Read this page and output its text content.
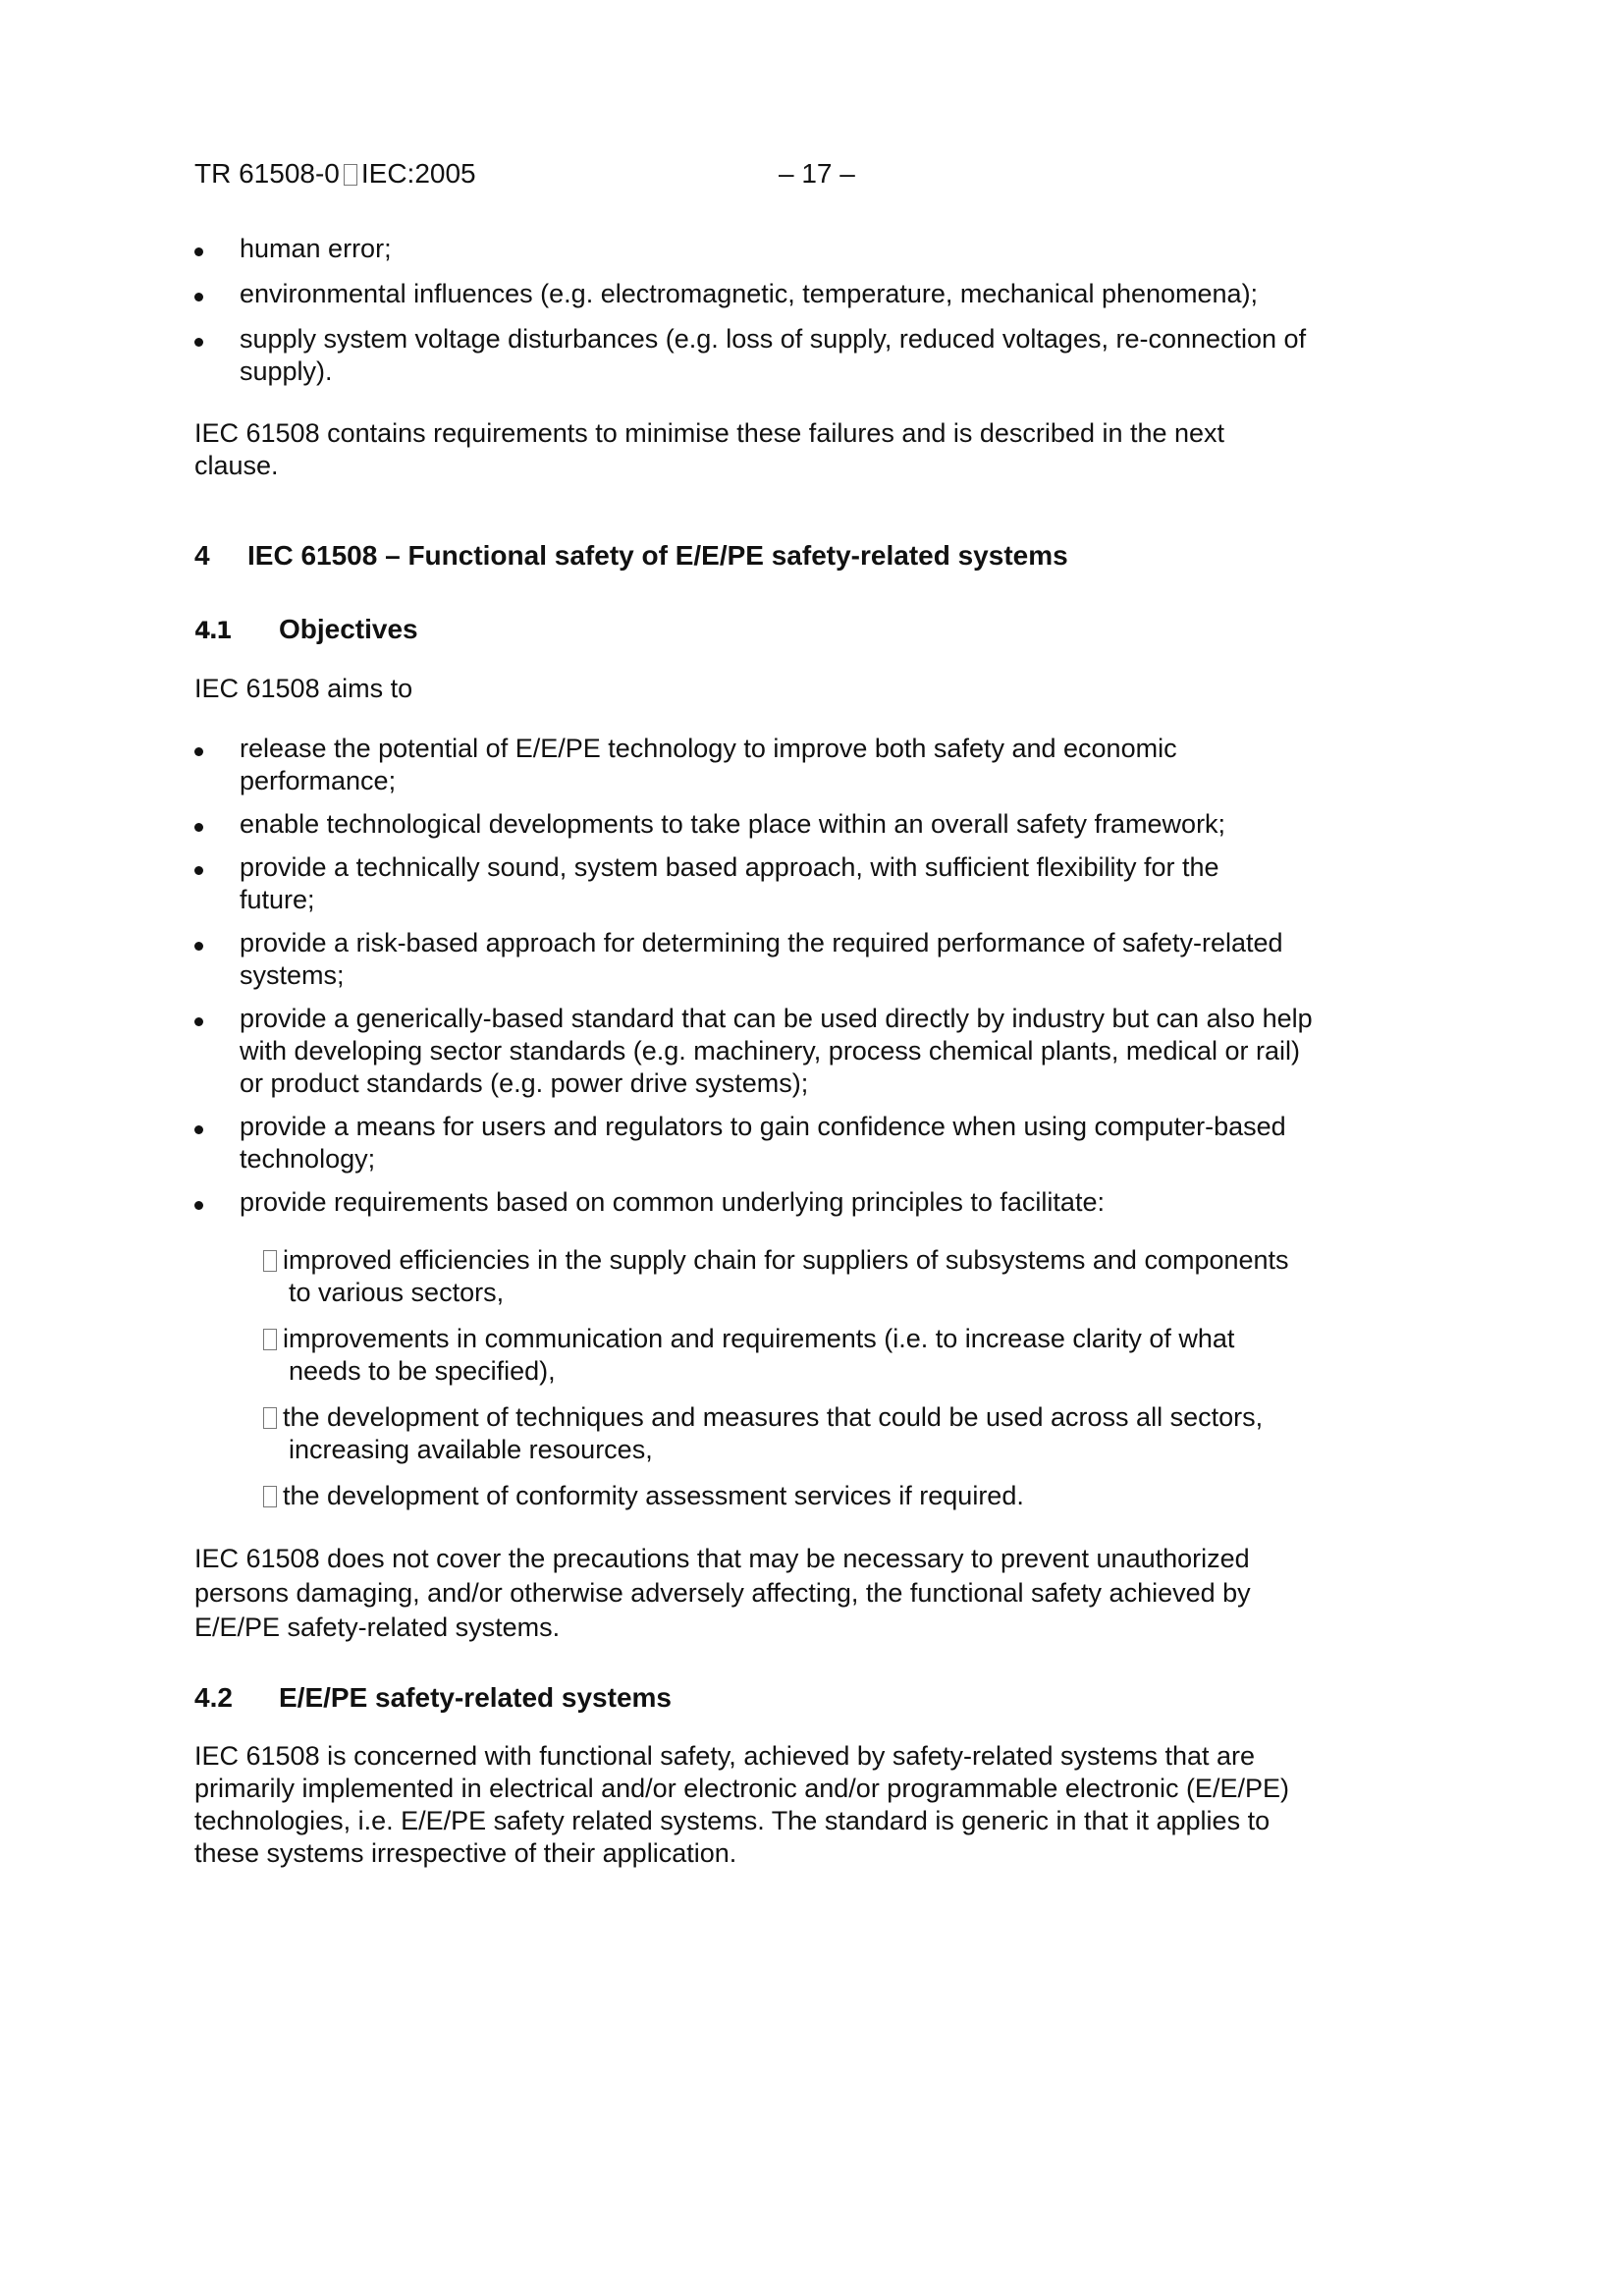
TR 61508-0 IEC:2005	– 17 –
human error;
environmental influences (e.g. electromagnetic, temperature, mechanical phenomena);
supply system voltage disturbances (e.g. loss of supply, reduced voltages, re-connection of supply).

IEC 61508 contains requirements to minimise these failures and is described in the next clause.

4 IEC 61508 – Functional safety of E/E/PE safety-related systems
4.1 Objectives

IEC 61508 aims to

release the potential of E/E/PE technology to improve both safety and economic performance;
enable technological developments to take place within an overall safety framework;
provide a technically sound, system based approach, with sufficient flexibility for the future;
provide a risk-based approach for determining the required performance of safety-related systems;
provide a generically-based standard that can be used directly by industry but can also help with developing sector standards (e.g. machinery, process chemical plants, medical or rail) or product standards (e.g. power drive systems);
provide a means for users and regulators to gain confidence when using computer-based technology;
provide requirements based on common underlying principles to facilitate:
improved efficiencies in the supply chain for suppliers of subsystems and components to various sectors,
improvements in communication and requirements (i.e. to increase clarity of what needs to be specified),
the development of techniques and measures that could be used across all sectors, increasing available resources,
the development of conformity assessment services if required.

IEC 61508 does not cover the precautions that may be necessary to prevent unauthorized persons damaging, and/or otherwise adversely affecting, the functional safety achieved by E/E/PE safety-related systems.

4.2 E/E/PE safety-related systems

IEC 61508 is concerned with functional safety, achieved by safety-related systems that are primarily implemented in electrical and/or electronic and/or programmable electronic (E/E/PE) technologies, i.e. E/E/PE safety related systems. The standard is generic in that it applies to these systems irrespective of their application.
